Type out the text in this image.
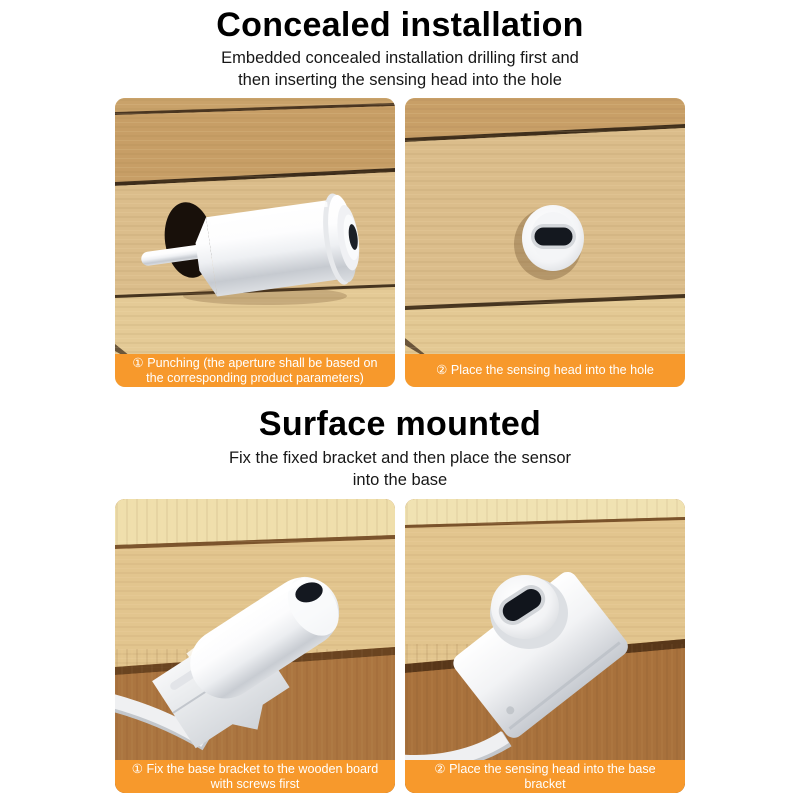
Concealed installation
Embedded concealed installation drilling first and
then inserting the sensing head into the hole
① Punching (the aperture shall be based on the corresponding product parameters)
② Place the sensing head into the hole
Surface mounted
Fix the fixed bracket and then place the sensor
into the base
① Fix the base bracket to the wooden board with screws first
② Place the sensing head into the base bracket
